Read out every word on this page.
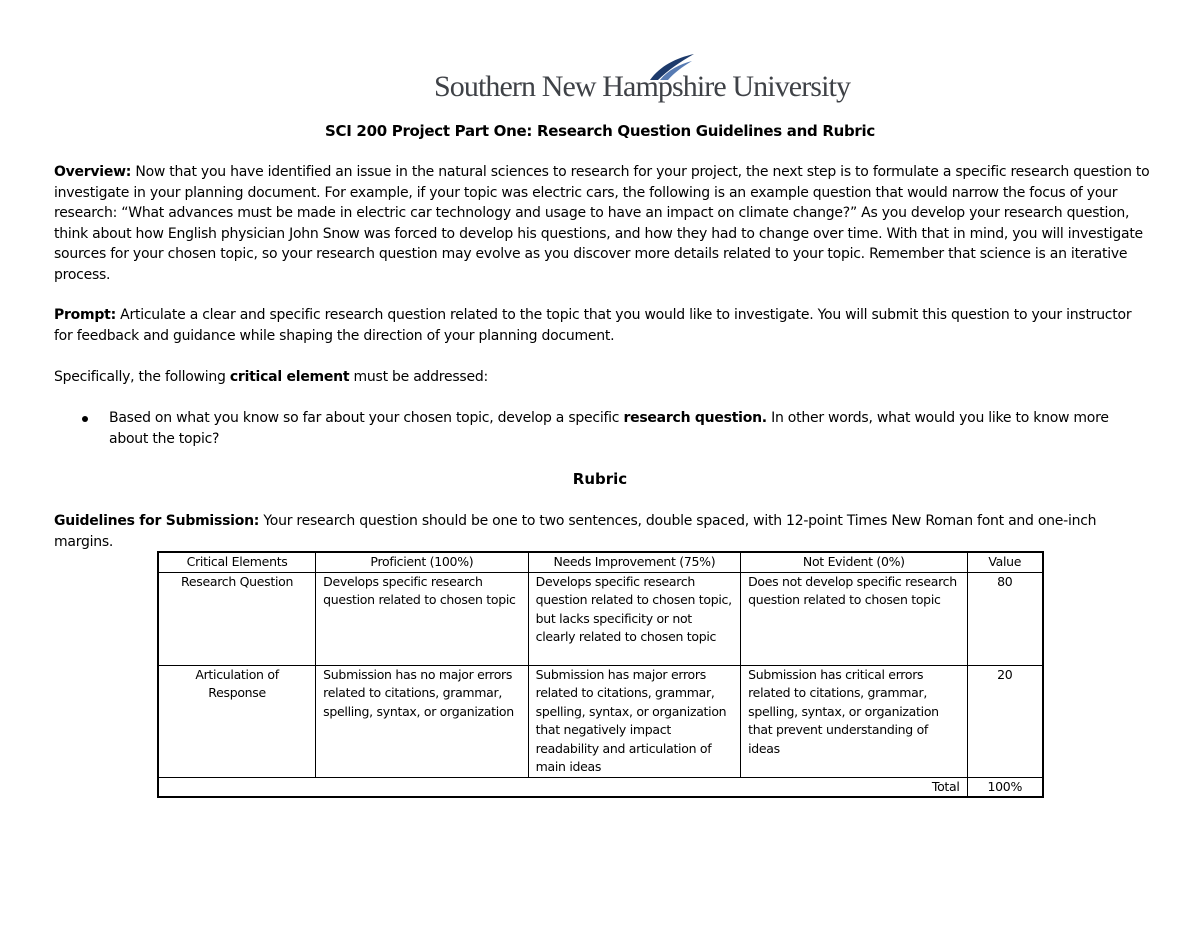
Southern New Hampshire University
SCI 200 Project Part One: Research Question Guidelines and Rubric
Overview: Now that you have identified an issue in the natural sciences to research for your project, the next step is to formulate a specific research question to investigate in your planning document. For example, if your topic was electric cars, the following is an example question that would narrow the focus of your research: “What advances must be made in electric car technology and usage to have an impact on climate change?” As you develop your research question, think about how English physician John Snow was forced to develop his questions, and how they had to change over time. With that in mind, you will investigate sources for your chosen topic, so your research question may evolve as you discover more details related to your topic. Remember that science is an iterative process.
Prompt: Articulate a clear and specific research question related to the topic that you would like to investigate. You will submit this question to your instructor for feedback and guidance while shaping the direction of your planning document.
Specifically, the following critical element must be addressed:
Based on what you know so far about your chosen topic, develop a specific research question. In other words, what would you like to know more about the topic?
Rubric
Guidelines for Submission: Your research question should be one to two sentences, double spaced, with 12-point Times New Roman font and one-inch margins.
Critical Elements	Proficient (100%)	Needs Improvement (75%)	Not Evident (0%)	Value
Research Question	Develops specific research question related to chosen topic	Develops specific research question related to chosen topic, but lacks specificity or not clearly related to chosen topic	Does not develop specific research question related to chosen topic	80
Articulation of Response	Submission has no major errors related to citations, grammar, spelling, syntax, or organization	Submission has major errors related to citations, grammar, spelling, syntax, or organization that negatively impact readability and articulation of main ideas	Submission has critical errors related to citations, grammar, spelling, syntax, or organization that prevent understanding of ideas	20
Total				100%
